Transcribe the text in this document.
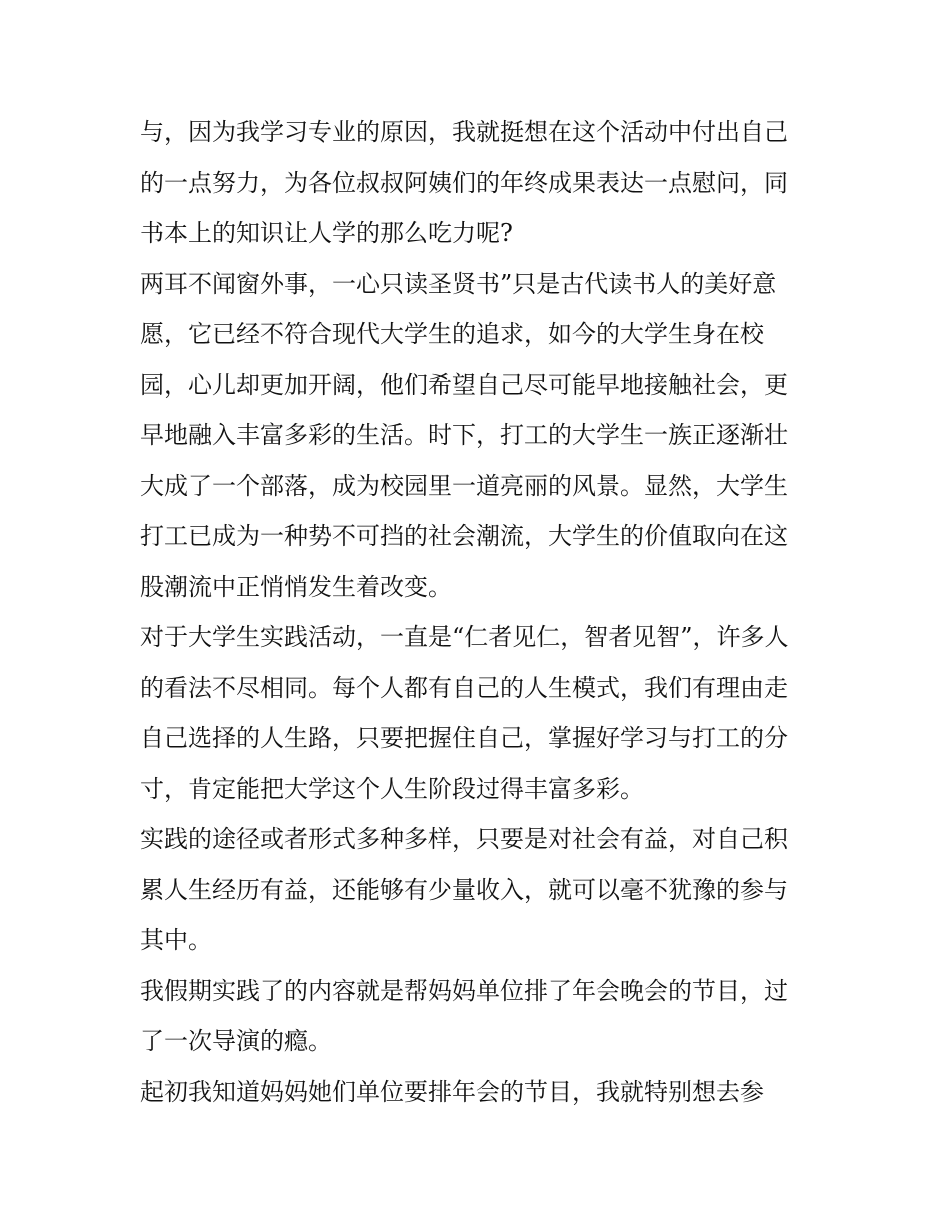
与，因为我学习专业的原因，我就挺想在这个活动中付出自己

的一点努力，为各位叔叔阿姨们的年终成果表达一点慰问，同

书本上的知识让人学的那么吃力呢?

两耳不闻窗外事，一心只读圣贤书”只是古代读书人的美好意

愿，它已经不符合现代大学生的追求，如今的大学生身在校

园，心儿却更加开阔，他们希望自己尽可能早地接触社会，更

早地融入丰富多彩的生活。时下，打工的大学生一族正逐渐壮

大成了一个部落，成为校园里一道亮丽的风景。显然，大学生

打工已成为一种势不可挡的社会潮流，大学生的价值取向在这

股潮流中正悄悄发生着改变。

对于大学生实践活动，一直是“仁者见仁，智者见智”，许多人

的看法不尽相同。每个人都有自己的人生模式，我们有理由走

自己选择的人生路，只要把握住自己，掌握好学习与打工的分

寸，肯定能把大学这个人生阶段过得丰富多彩。

实践的途径或者形式多种多样，只要是对社会有益，对自己积

累人生经历有益，还能够有少量收入，就可以毫不犹豫的参与

其中。

我假期实践了的内容就是帮妈妈单位排了年会晚会的节目，过

了一次导演的瘾。

起初我知道妈妈她们单位要排年会的节目，我就特别想去参
